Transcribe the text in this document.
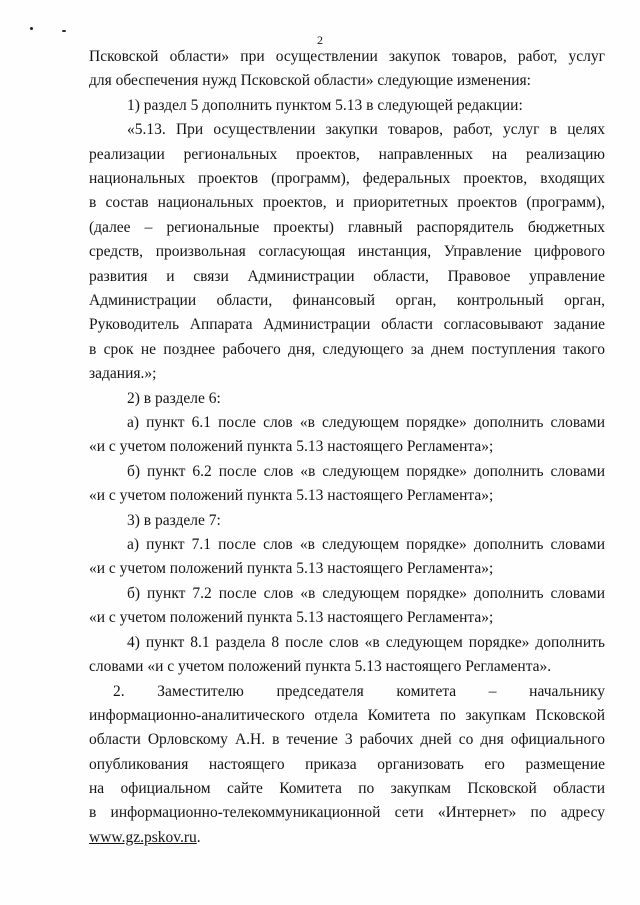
2
Псковской области» при осуществлении закупок товаров, работ, услуг
для обеспечения нужд Псковской области» следующие изменения:
1) раздел 5 дополнить пунктом 5.13 в следующей редакции:
«5.13. При осуществлении закупки товаров, работ, услуг в целях
реализации региональных проектов, направленных на реализацию
национальных проектов (программ), федеральных проектов, входящих
в состав национальных проектов, и приоритетных проектов (программ),
(далее – региональные проекты) главный распорядитель бюджетных
средств, произвольная согласующая инстанция, Управление цифрового
развития и связи Администрации области, Правовое управление
Администрации области, финансовый орган, контрольный орган,
Руководитель Аппарата Администрации области согласовывают задание
в срок не позднее рабочего дня, следующего за днем поступления такого
задания.»;
2) в разделе 6:
а) пункт 6.1 после слов «в следующем порядке» дополнить словами
«и с учетом положений пункта 5.13 настоящего Регламента»;
б) пункт 6.2 после слов «в следующем порядке» дополнить словами
«и с учетом положений пункта 5.13 настоящего Регламента»;
3) в разделе 7:
а) пункт 7.1 после слов «в следующем порядке» дополнить словами
«и с учетом положений пункта 5.13 настоящего Регламента»;
б) пункт 7.2 после слов «в следующем порядке» дополнить словами
«и с учетом положений пункта 5.13 настоящего Регламента»;
4) пункт 8.1 раздела 8 после слов «в следующем порядке» дополнить
словами «и с учетом положений пункта 5.13 настоящего Регламента».
2. Заместителю председателя комитета – начальнику
информационно-аналитического отдела Комитета по закупкам Псковской
области Орловскому А.Н. в течение 3 рабочих дней со дня официального
опубликования настоящего приказа организовать его размещение
на официальном сайте Комитета по закупкам Псковской области
в информационно-телекоммуникационной сети «Интернет» по адресу
www.gz.pskov.ru.
